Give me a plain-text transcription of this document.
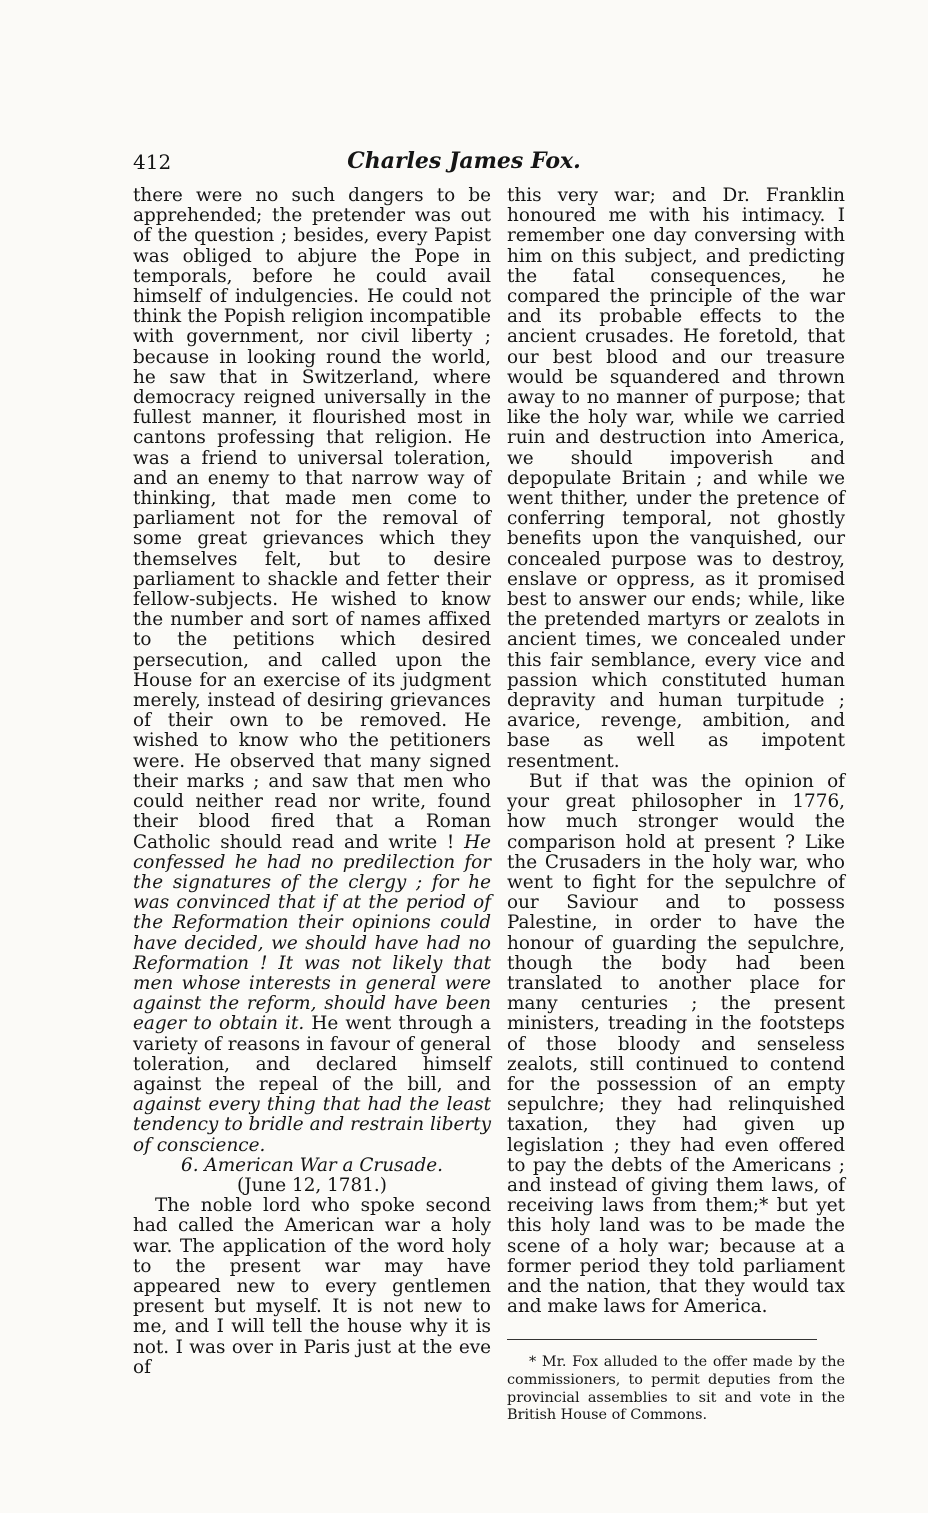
412	Charles James Fox.

there were no such dangers to be apprehended; the pretender was out of the question ; besides, every Papist was obliged to abjure the Pope in temporals, before he could avail himself of indulgencies. He could not think the Popish religion incompatible with government, nor civil liberty ; because in looking round the world, he saw that in Switzerland, where democracy reigned universally in the fullest manner, it flourished most in cantons professing that religion. He was a friend to universal toleration, and an enemy to that narrow way of thinking, that made men come to parliament not for the removal of some great grievances which they themselves felt, but to desire parliament to shackle and fetter their fellow-subjects. He wished to know the number and sort of names affixed to the petitions which desired persecution, and called upon the House for an exercise of its judgment merely, instead of desiring grievances of their own to be removed. He wished to know who the petitioners were. He observed that many signed their marks ; and saw that men who could neither read nor write, found their blood fired that a Roman Catholic should read and write ! He confessed he had no predilection for the signatures of the clergy ; for he was convinced that if at the period of the Reformation their opinions could have decided, we should have had no Reformation ! It was not likely that men whose interests in general were against the reform, should have been eager to obtain it. He went through a variety of reasons in favour of general toleration, and declared himself against the repeal of the bill, and against every thing that had the least tendency to bridle and restrain liberty of conscience.

6. American War a Crusade.

(June 12, 1781.)

The noble lord who spoke second had called the American war a holy war. The application of the word holy to the present war may have appeared new to every gentlemen present but myself. It is not new to me, and I will tell the house why it is not. I was over in Paris just at the eve of

this very war; and Dr. Franklin honoured me with his intimacy. I remember one day conversing with him on this subject, and predicting the fatal consequences, he compared the principle of the war and its probable effects to the ancient crusades. He foretold, that our best blood and our treasure would be squandered and thrown away to no manner of purpose; that like the holy war, while we carried ruin and destruction into America, we should impoverish and depopulate Britain ; and while we went thither, under the pretence of conferring temporal, not ghostly benefits upon the vanquished, our concealed purpose was to destroy, enslave or oppress, as it promised best to answer our ends; while, like the pretended martyrs or zealots in ancient times, we concealed under this fair semblance, every vice and passion which constituted human depravity and human turpitude ; avarice, revenge, ambition, and base as well as impotent resentment.

But if that was the opinion of your great philosopher in 1776, how much stronger would the comparison hold at present ? Like the Crusaders in the holy war, who went to fight for the sepulchre of our Saviour and to possess Palestine, in order to have the honour of guarding the sepulchre, though the body had been translated to another place for many centuries ; the present ministers, treading in the footsteps of those bloody and senseless zealots, still continued to contend for the possession of an empty sepulchre; they had relinquished taxation, they had given up legislation ; they had even offered to pay the debts of the Americans ; and instead of giving them laws, of receiving laws from them;* but yet this holy land was to be made the scene of a holy war; because at a former period they told parliament and the nation, that they would tax and make laws for America.

* Mr. Fox alluded to the offer made by the commissioners, to permit deputies from the provincial assemblies to sit and vote in the British House of Commons.
